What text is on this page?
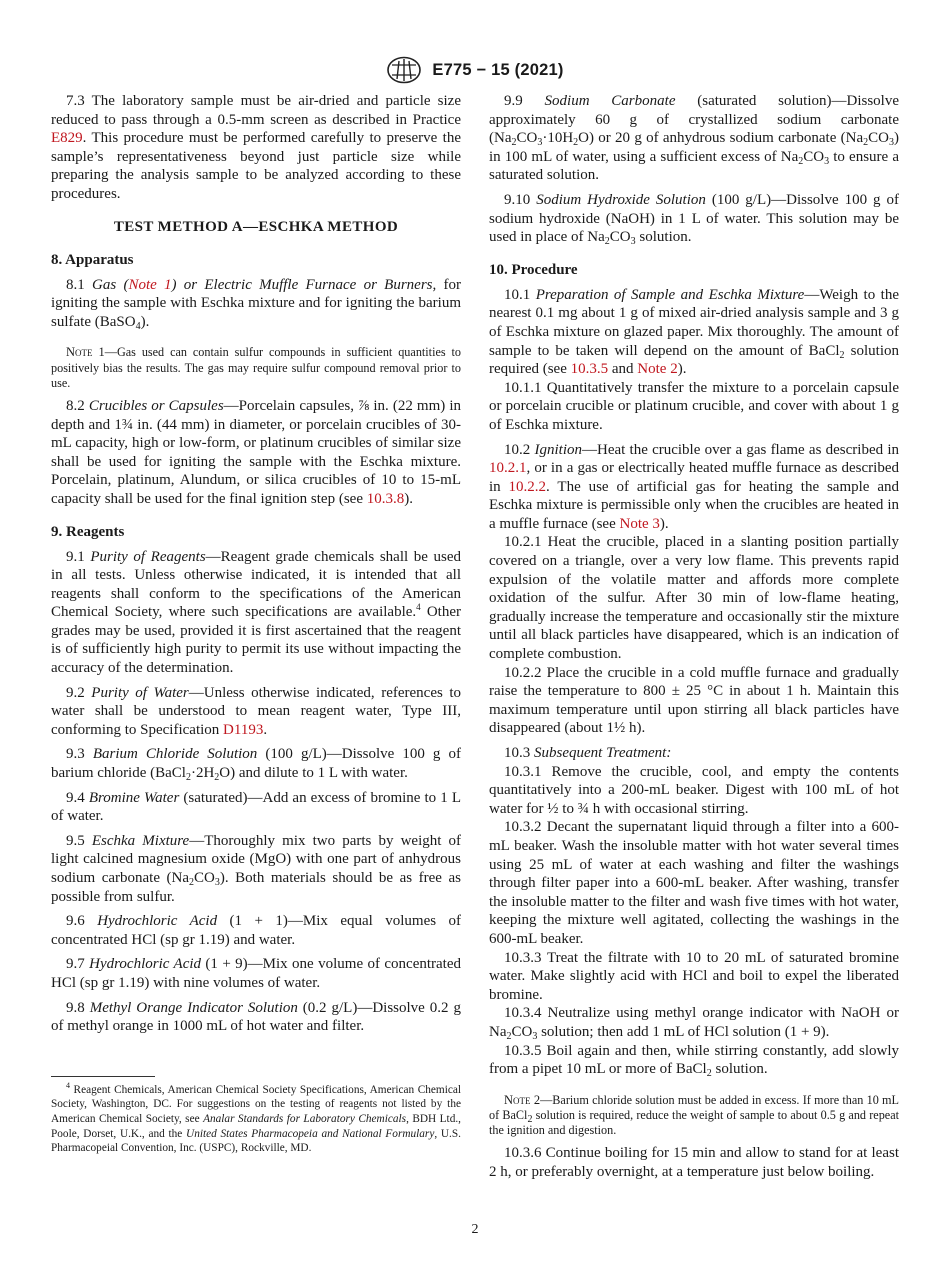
E775 − 15 (2021)

7.3 The laboratory sample must be air-dried and particle size reduced to pass through a 0.5-mm screen as described in Practice E829. This procedure must be performed carefully to preserve the sample’s representativeness beyond just particle size while preparing the analysis sample to be analyzed according to these procedures.

TEST METHOD A—ESCHKA METHOD
8. Apparatus

8.1 Gas (Note 1) or Electric Muffle Furnace or Burners, for igniting the sample with Eschka mixture and for igniting the barium sulfate (BaSO$_4$).

Note 1—Gas used can contain sulfur compounds in sufficient quantities to positively bias the results. The gas may require sulfur compound removal prior to use.

8.2 Crucibles or Capsules—Porcelain capsules, ⅞ in. (22 mm) in depth and 1¾ in. (44 mm) in diameter, or porcelain crucibles of 30-mL capacity, high or low-form, or platinum crucibles of similar size shall be used for igniting the sample with the Eschka mixture. Porcelain, platinum, Alundum, or silica crucibles of 10 to 15-mL capacity shall be used for the final ignition step (see 10.3.8).

9. Reagents

9.1 Purity of Reagents—Reagent grade chemicals shall be used in all tests. Unless otherwise indicated, it is intended that all reagents shall conform to the specifications of the American Chemical Society, where such specifications are available.$^4$ Other grades may be used, provided it is first ascertained that the reagent is of sufficiently high purity to permit its use without impacting the accuracy of the determination.

9.2 Purity of Water—Unless otherwise indicated, references to water shall be understood to mean reagent water, Type III, conforming to Specification D1193.

9.3 Barium Chloride Solution (100 g/L)—Dissolve 100 g of barium chloride $(BaCl_2\cdot 2H_2O)$ and dilute to 1 L with water.

9.4 Bromine Water (saturated)—Add an excess of bromine to 1 L of water.

9.5 Eschka Mixture—Thoroughly mix two parts by weight of light calcined magnesium oxide (MgO) with one part of anhydrous sodium carbonate $(Na_2CO_3)$. Both materials should be as free as possible from sulfur.

9.6 Hydrochloric Acid (1 + 1)—Mix equal volumes of concentrated HCl (sp gr 1.19) and water.

9.7 Hydrochloric Acid (1 + 9)—Mix one volume of concentrated HCl (sp gr 1.19) with nine volumes of water.

9.8 Methyl Orange Indicator Solution (0.2 g/L)—Dissolve 0.2 g of methyl orange in 1000 mL of hot water and filter.

$^4$ Reagent Chemicals, American Chemical Society Specifications, American Chemical Society, Washington, DC. For suggestions on the testing of reagents not listed by the American Chemical Society, see Analar Standards for Laboratory Chemicals, BDH Ltd., Poole, Dorset, U.K., and the United States Pharmacopeia and National Formulary, U.S. Pharmacopeial Convention, Inc. (USPC), Rockville, MD.

9.9 Sodium Carbonate (saturated solution)—Dissolve approximately 60 g of crystallized sodium carbonate $(Na_2CO_3\cdot 10H_2O)$ or 20 g of anhydrous sodium carbonate $(Na_2CO_3)$ in 100 mL of water, using a sufficient excess of $Na_2CO_3$ to ensure a saturated solution.

9.10 Sodium Hydroxide Solution (100 g/L)—Dissolve 100 g of sodium hydroxide (NaOH) in 1 L of water. This solution may be used in place of $Na_2CO_3$ solution.

10. Procedure

10.1 Preparation of Sample and Eschka Mixture—Weigh to the nearest 0.1 mg about 1 g of mixed air-dried analysis sample and 3 g of Eschka mixture on glazed paper. Mix thoroughly. The amount of sample to be taken will depend on the amount of BaCl$_2$ solution required (see 10.3.5 and Note 2).

10.1.1 Quantitatively transfer the mixture to a porcelain capsule or porcelain crucible or platinum crucible, and cover with about 1 g of Eschka mixture.

10.2 Ignition—Heat the crucible over a gas flame as described in 10.2.1, or in a gas or electrically heated muffle furnace as described in 10.2.2. The use of artificial gas for heating the sample and Eschka mixture is permissible only when the crucibles are heated in a muffle furnace (see Note 3).

10.2.1 Heat the crucible, placed in a slanting position partially covered on a triangle, over a very low flame. This prevents rapid expulsion of the volatile matter and affords more complete oxidation of the sulfur. After 30 min of low-flame heating, gradually increase the temperature and occasionally stir the mixture until all black particles have disappeared, which is an indication of complete combustion.

10.2.2 Place the crucible in a cold muffle furnace and gradually raise the temperature to 800 ± 25 °C in about 1 h. Maintain this maximum temperature until upon stirring all black particles have disappeared (about 1½ h).

10.3 Subsequent Treatment:

10.3.1 Remove the crucible, cool, and empty the contents quantitatively into a 200-mL beaker. Digest with 100 mL of hot water for ½ to ¾ h with occasional stirring.

10.3.2 Decant the supernatant liquid through a filter into a 600-mL beaker. Wash the insoluble matter with hot water several times using 25 mL of water at each washing and filter the washings through filter paper into a 600-mL beaker. After washing, transfer the insoluble matter to the filter and wash five times with hot water, keeping the mixture well agitated, collecting the washings in the 600-mL beaker.

10.3.3 Treat the filtrate with 10 to 20 mL of saturated bromine water. Make slightly acid with HCl and boil to expel the liberated bromine.

10.3.4 Neutralize using methyl orange indicator with NaOH or $Na_2CO_3$ solution; then add 1 mL of HCl solution (1 + 9).

10.3.5 Boil again and then, while stirring constantly, add slowly from a pipet 10 mL or more of BaCl$_2$ solution.

Note 2—Barium chloride solution must be added in excess. If more than 10 mL of BaCl$_2$ solution is required, reduce the weight of sample to about 0.5 g and repeat the ignition and digestion.

10.3.6 Continue boiling for 15 min and allow to stand for at least 2 h, or preferably overnight, at a temperature just below boiling.

2
